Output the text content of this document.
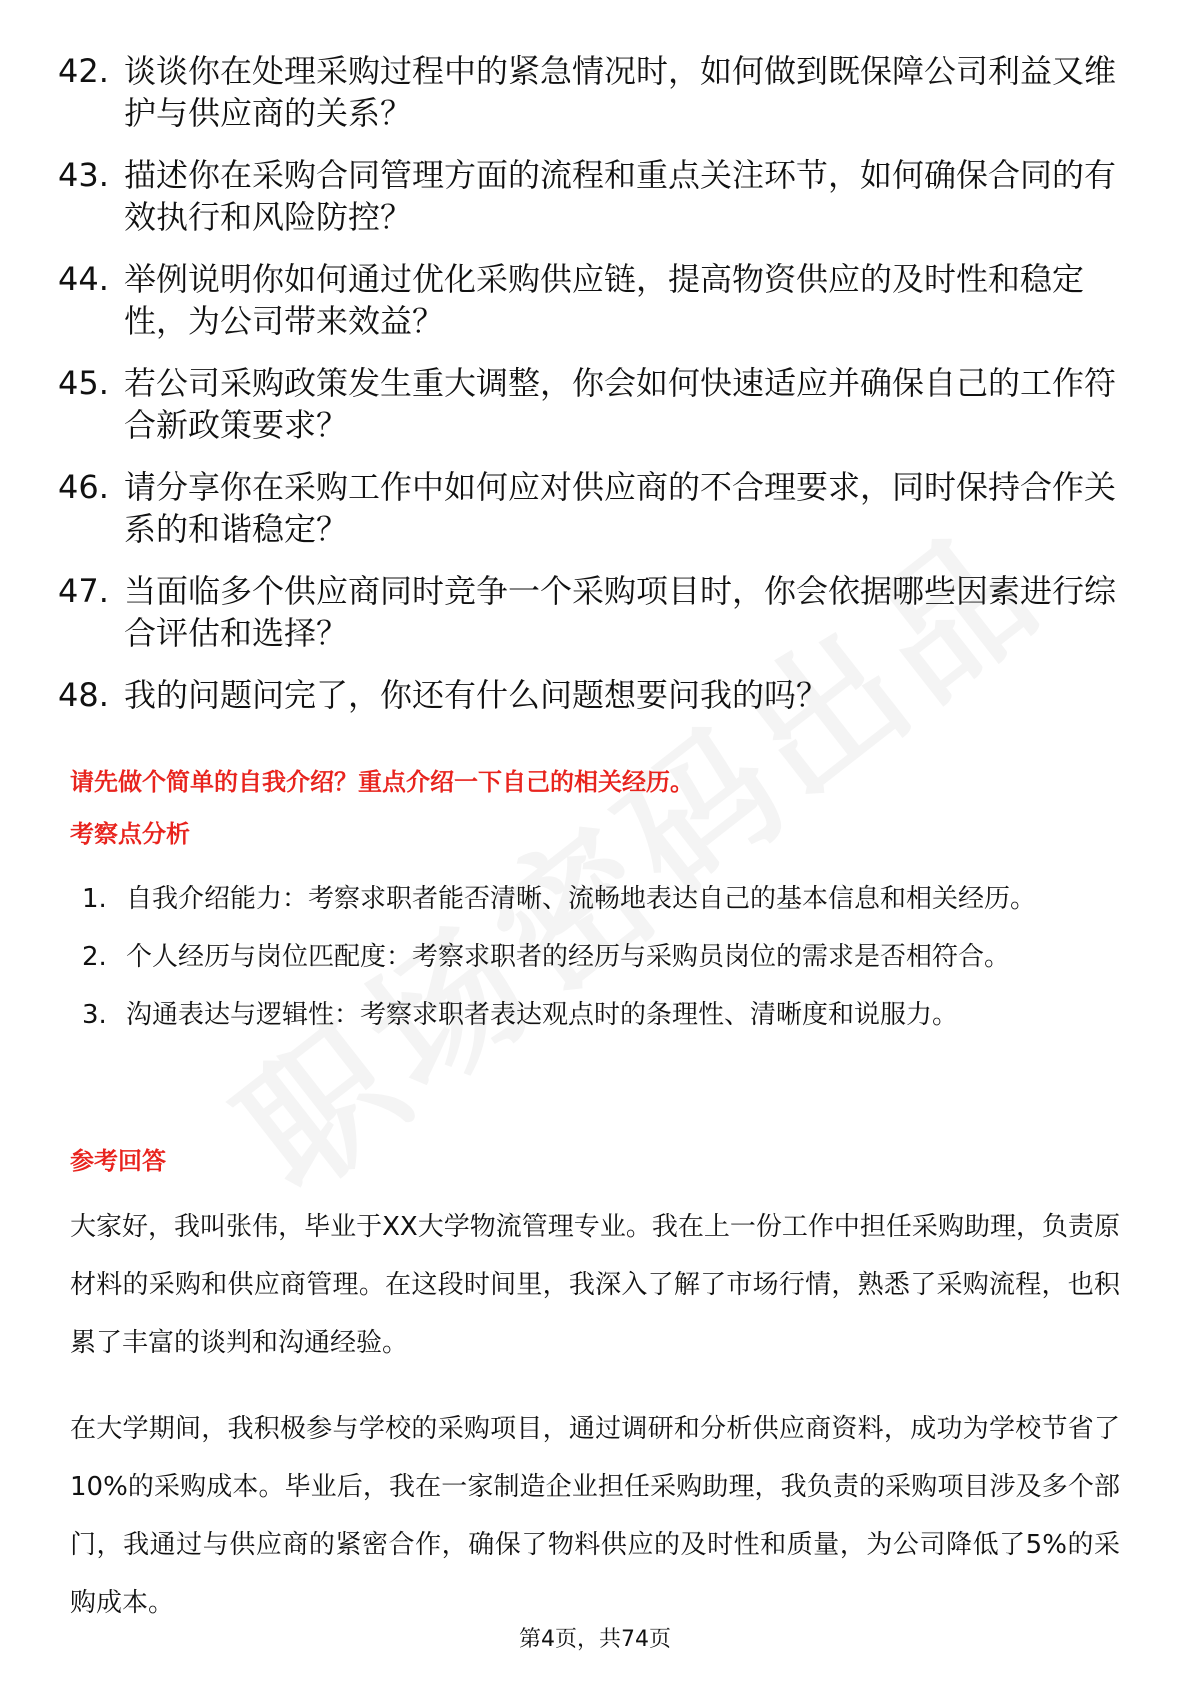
42. 谈谈你在处理采购过程中的紧急情况时，如何做到既保障公司利益又维护与供应商的关系？
43. 描述你在采购合同管理方面的流程和重点关注环节，如何确保合同的有效执行和风险防控？
44. 举例说明你如何通过优化采购供应链，提高物资供应的及时性和稳定性，为公司带来效益？
45. 若公司采购政策发生重大调整，你会如何快速适应并确保自己的工作符合新政策要求？
46. 请分享你在采购工作中如何应对供应商的不合理要求，同时保持合作关系的和谐稳定？
47. 当面临多个供应商同时竞争一个采购项目时，你会依据哪些因素进行综合评估和选择？
48. 我的问题问完了，你还有什么问题想要问我的吗？
请先做个简单的自我介绍？重点介绍一下自己的相关经历。
考察点分析
1. 自我介绍能力：考察求职者能否清晰、流畅地表达自己的基本信息和相关经历。
2. 个人经历与岗位匹配度：考察求职者的经历与采购员岗位的需求是否相符合。
3. 沟通表达与逻辑性：考察求职者表达观点时的条理性、清晰度和说服力。
参考回答

大家好，我叫张伟，毕业于XX大学物流管理专业。我在上一份工作中担任采购助理，负责原材料的采购和供应商管理。在这段时间里，我深入了解了市场行情，熟悉了采购流程，也积累了丰富的谈判和沟通经验。

在大学期间，我积极参与学校的采购项目，通过调研和分析供应商资料，成功为学校节省了10%的采购成本。毕业后，我在一家制造企业担任采购助理，我负责的采购项目涉及多个部门，我通过与供应商的紧密合作，确保了物料供应的及时性和质量，为公司降低了5%的采购成本。

第4页，共74页
